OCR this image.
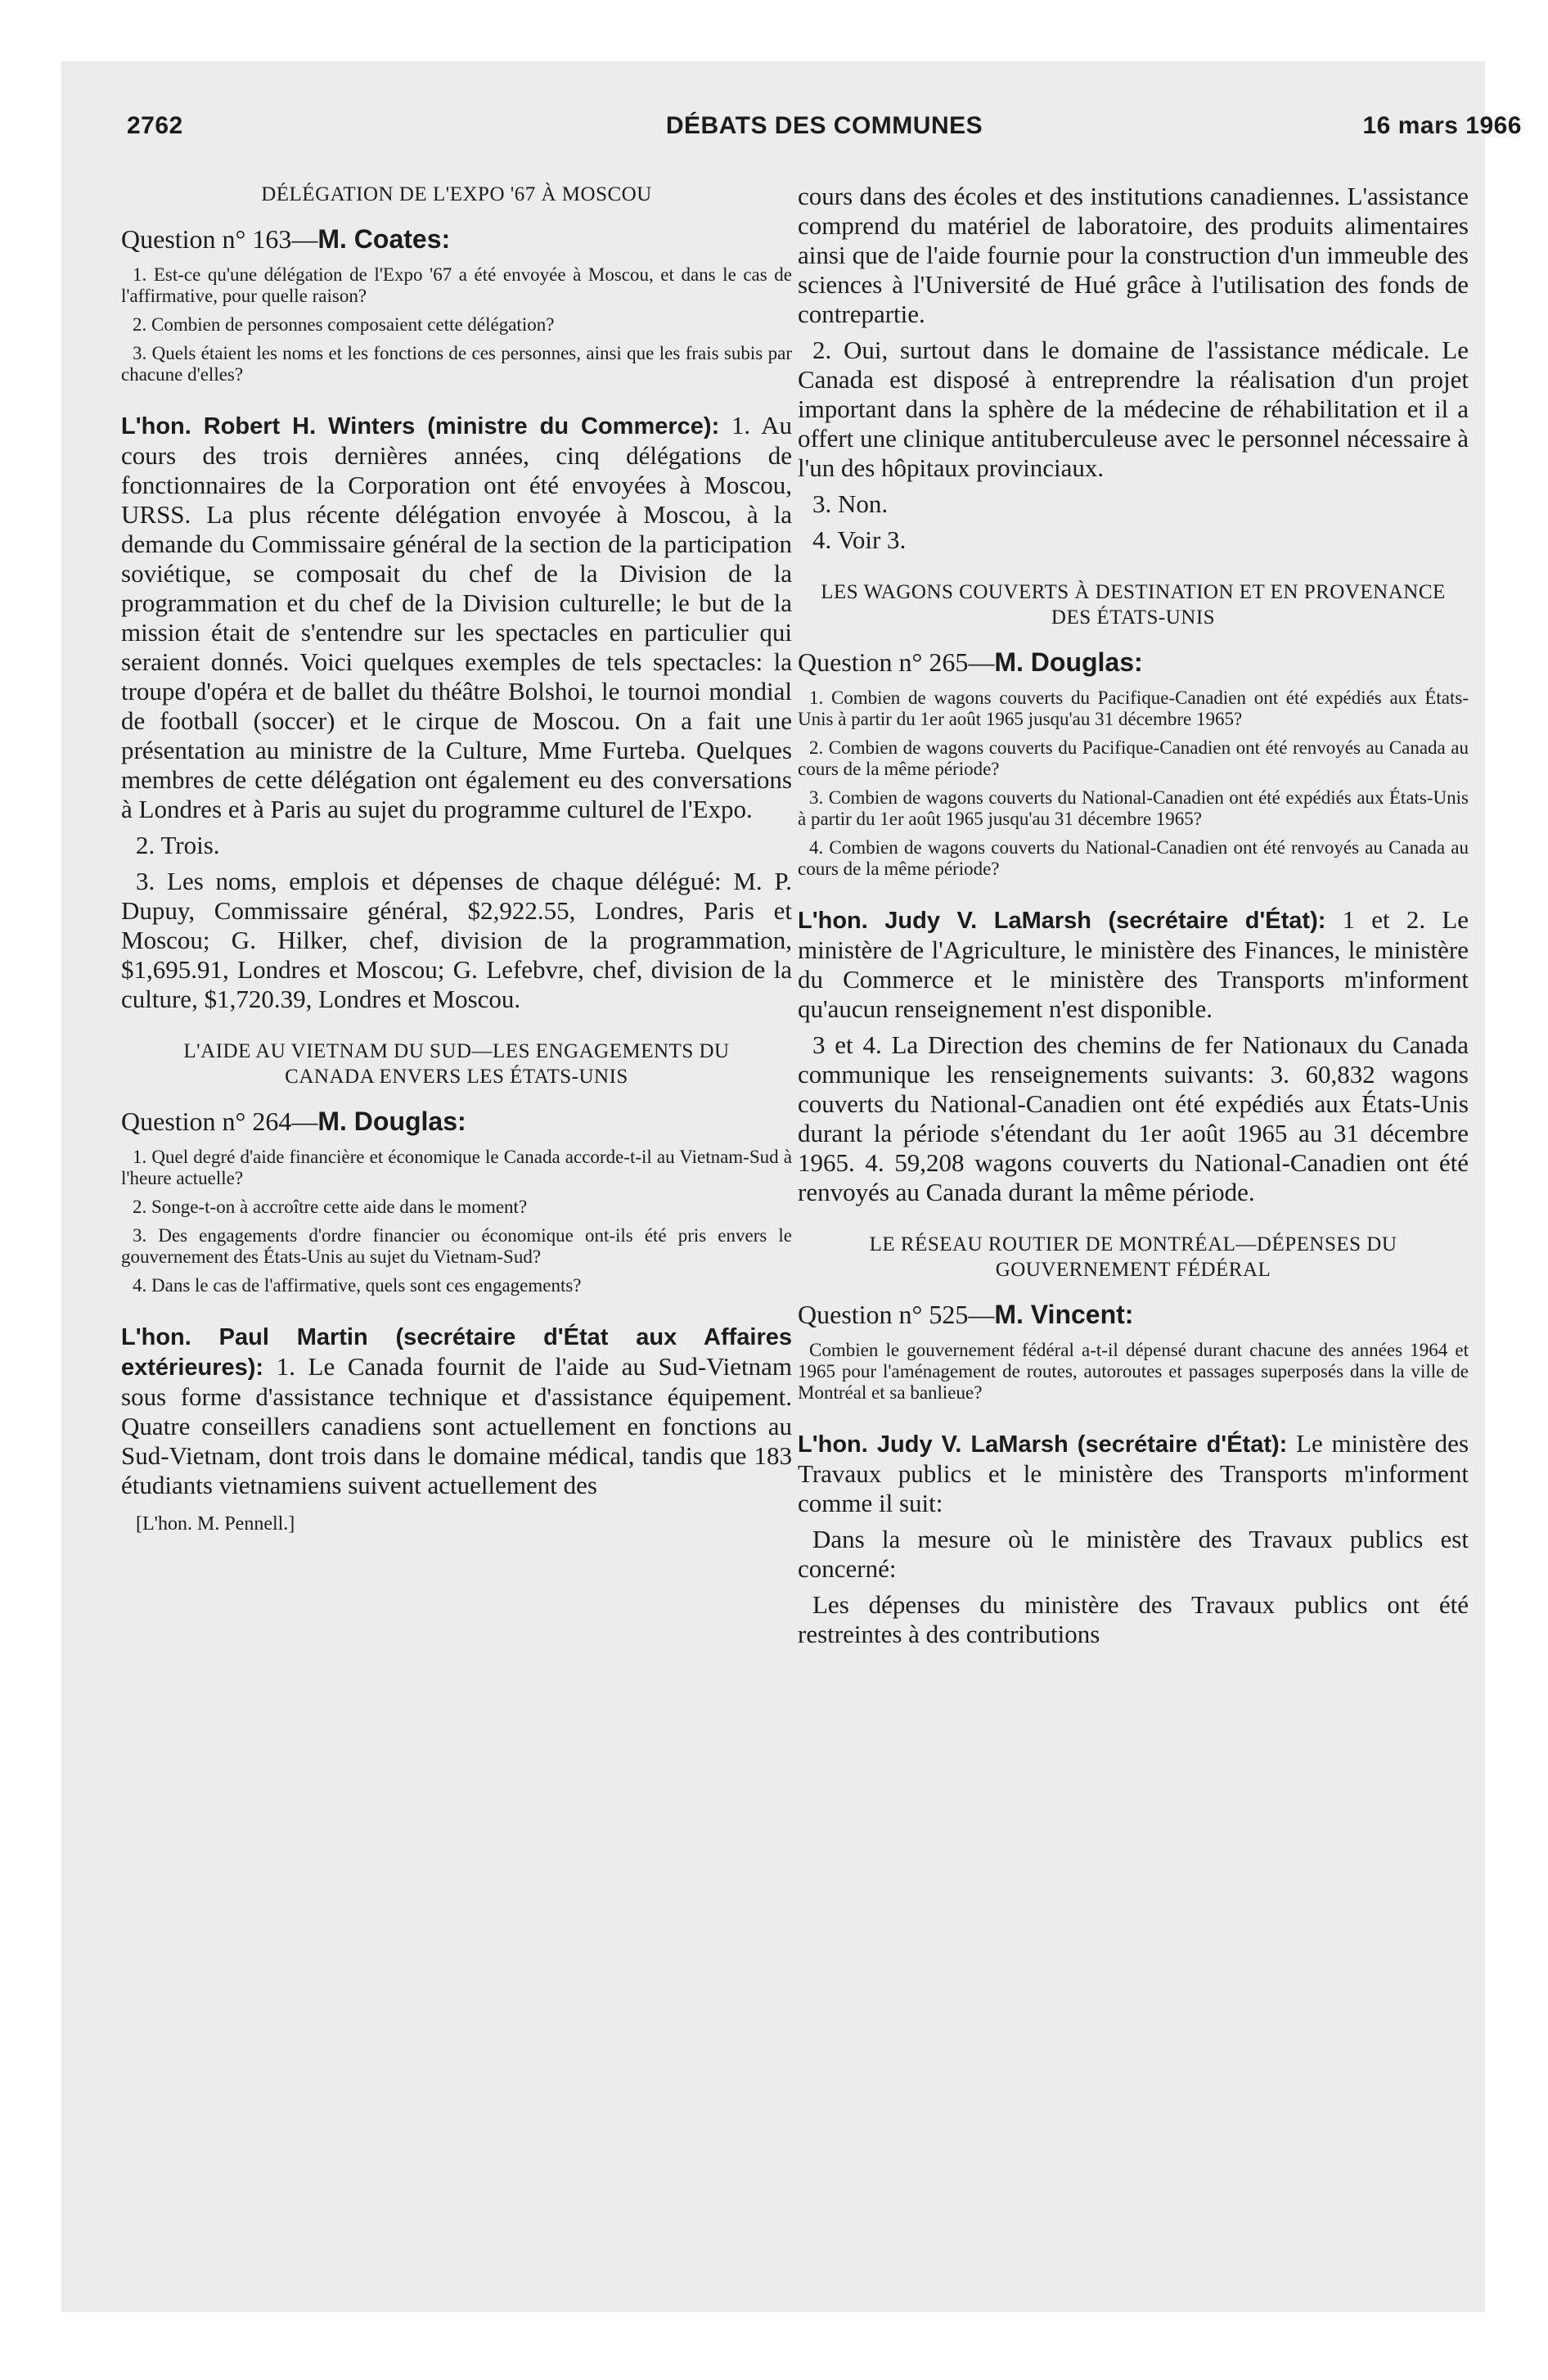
2762	DÉBATS DES COMMUNES	16 mars 1966
DÉLÉGATION DE L'EXPO '67 À MOSCOU

Question n° 163—M. Coates:

1. Est-ce qu'une délégation de l'Expo '67 a été envoyée à Moscou, et dans le cas de l'affirmative, pour quelle raison?

2. Combien de personnes composaient cette délégation?

3. Quels étaient les noms et les fonctions de ces personnes, ainsi que les frais subis par chacune d'elles?

L'hon. Robert H. Winters (ministre du Commerce): 1. Au cours des trois dernières années, cinq délégations de fonctionnaires de la Corporation ont été envoyées à Moscou, URSS. La plus récente délégation envoyée à Moscou, à la demande du Commissaire général de la section de la participation soviétique, se composait du chef de la Division de la programmation et du chef de la Division culturelle; le but de la mission était de s'entendre sur les spectacles en particulier qui seraient donnés. Voici quelques exemples de tels spectacles: la troupe d'opéra et de ballet du théâtre Bolshoi, le tournoi mondial de football (soccer) et le cirque de Moscou. On a fait une présentation au ministre de la Culture, Mme Furteba. Quelques membres de cette délégation ont également eu des conversations à Londres et à Paris au sujet du programme culturel de l'Expo.

2. Trois.

3. Les noms, emplois et dépenses de chaque délégué: M. P. Dupuy, Commissaire général, $2,922.55, Londres, Paris et Moscou; G. Hilker, chef, division de la programmation, $1,695.91, Londres et Moscou; G. Lefebvre, chef, division de la culture, $1,720.39, Londres et Moscou.

L'AIDE AU VIETNAM DU SUD—LES ENGAGEMENTS DU CANADA ENVERS LES ÉTATS-UNIS

Question n° 264—M. Douglas:

1. Quel degré d'aide financière et économique le Canada accorde-t-il au Vietnam-Sud à l'heure actuelle?

2. Songe-t-on à accroître cette aide dans le moment?

3. Des engagements d'ordre financier ou économique ont-ils été pris envers le gouvernement des États-Unis au sujet du Vietnam-Sud?

4. Dans le cas de l'affirmative, quels sont ces engagements?

L'hon. Paul Martin (secrétaire d'État aux Affaires extérieures): 1. Le Canada fournit de l'aide au Sud-Vietnam sous forme d'assistance technique et d'assistance équipement. Quatre conseillers canadiens sont actuellement en fonctions au Sud-Vietnam, dont trois dans le domaine médical, tandis que 183 étudiants vietnamiens suivent actuellement des

[L'hon. M. Pennell.]

cours dans des écoles et des institutions canadiennes. L'assistance comprend du matériel de laboratoire, des produits alimentaires ainsi que de l'aide fournie pour la construction d'un immeuble des sciences à l'Université de Hué grâce à l'utilisation des fonds de contrepartie.

2. Oui, surtout dans le domaine de l'assistance médicale. Le Canada est disposé à entreprendre la réalisation d'un projet important dans la sphère de la médecine de réhabilitation et il a offert une clinique antituberculeuse avec le personnel nécessaire à l'un des hôpitaux provinciaux.

3. Non.

4. Voir 3.

LES WAGONS COUVERTS À DESTINATION ET EN PROVENANCE DES ÉTATS-UNIS

Question n° 265—M. Douglas:

1. Combien de wagons couverts du Pacifique-Canadien ont été expédiés aux États-Unis à partir du 1er août 1965 jusqu'au 31 décembre 1965?

2. Combien de wagons couverts du Pacifique-Canadien ont été renvoyés au Canada au cours de la même période?

3. Combien de wagons couverts du National-Canadien ont été expédiés aux États-Unis à partir du 1er août 1965 jusqu'au 31 décembre 1965?

4. Combien de wagons couverts du National-Canadien ont été renvoyés au Canada au cours de la même période?

L'hon. Judy V. LaMarsh (secrétaire d'État): 1 et 2. Le ministère de l'Agriculture, le ministère des Finances, le ministère du Commerce et le ministère des Transports m'informent qu'aucun renseignement n'est disponible.

3 et 4. La Direction des chemins de fer Nationaux du Canada communique les renseignements suivants: 3. 60,832 wagons couverts du National-Canadien ont été expédiés aux États-Unis durant la période s'étendant du 1er août 1965 au 31 décembre 1965. 4. 59,208 wagons couverts du National-Canadien ont été renvoyés au Canada durant la même période.

LE RÉSEAU ROUTIER DE MONTRÉAL—DÉPENSES DU GOUVERNEMENT FÉDÉRAL

Question n° 525—M. Vincent:

Combien le gouvernement fédéral a-t-il dépensé durant chacune des années 1964 et 1965 pour l'aménagement de routes, autoroutes et passages superposés dans la ville de Montréal et sa banlieue?

L'hon. Judy V. LaMarsh (secrétaire d'État): Le ministère des Travaux publics et le ministère des Transports m'informent comme il suit:

Dans la mesure où le ministère des Travaux publics est concerné:

Les dépenses du ministère des Travaux publics ont été restreintes à des contributions
